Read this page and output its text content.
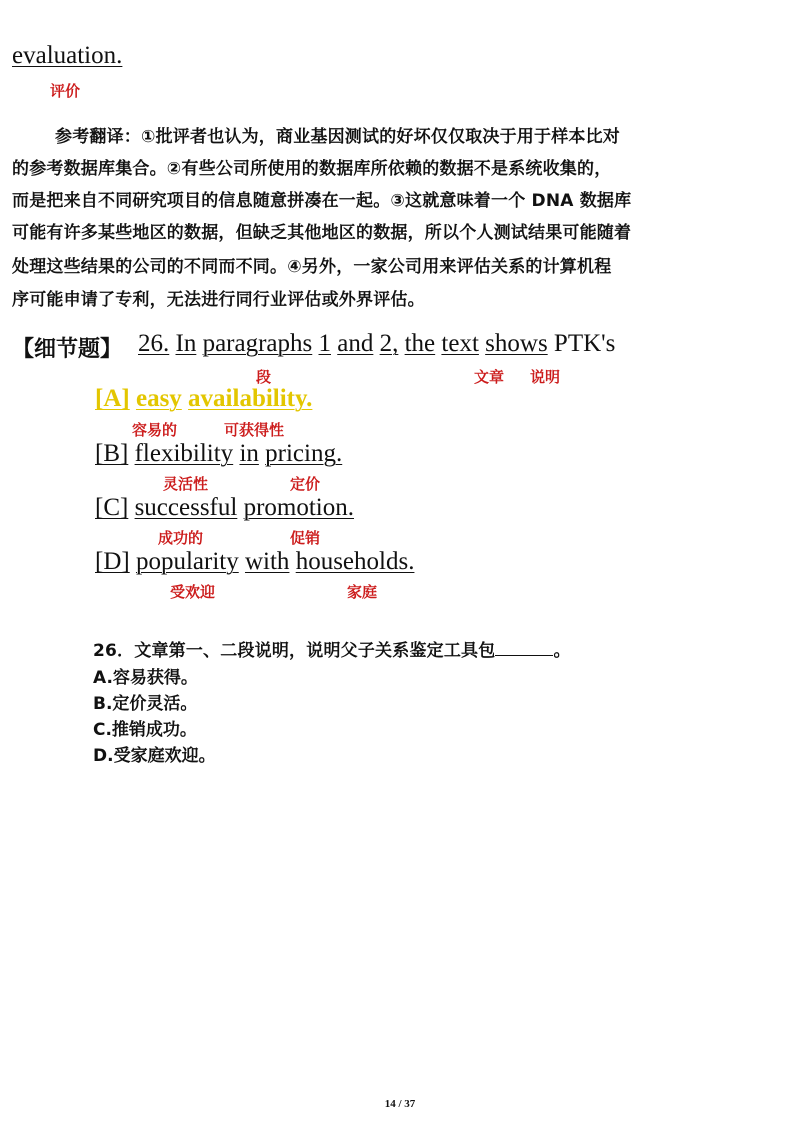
evaluation.
评价
参考翻译：①批评者也认为，商业基因测试的好坏仅仅取决于用于样本比对
的参考数据库集合。②有些公司所使用的数据库所依赖的数据不是系统收集的，
而是把来自不同研究项目的信息随意拼凑在一起。③这就意味着一个 DNA 数据库
可能有许多某些地区的数据，但缺乏其他地区的数据，所以个人测试结果可能随着
处理这些结果的公司的不同而不同。④另外，一家公司用来评估关系的计算机程
序可能申请了专利，无法进行同行业评估或外界评估。
【细节题】 26. In paragraphs 1 and 2, the text shows PTK's
段	文章 说明
[A] easy availability.
容易的	可获得性
[B] flexibility in pricing.
灵活性	定价
[C] successful promotion.
成功的	促销
[D] popularity with households.
受欢迎	家庭
26．文章第一、二段说明，说明父子关系鉴定工具包	。
A.容易获得。
B.定价灵活。
C.推销成功。
D.受家庭欢迎。
14 / 37
